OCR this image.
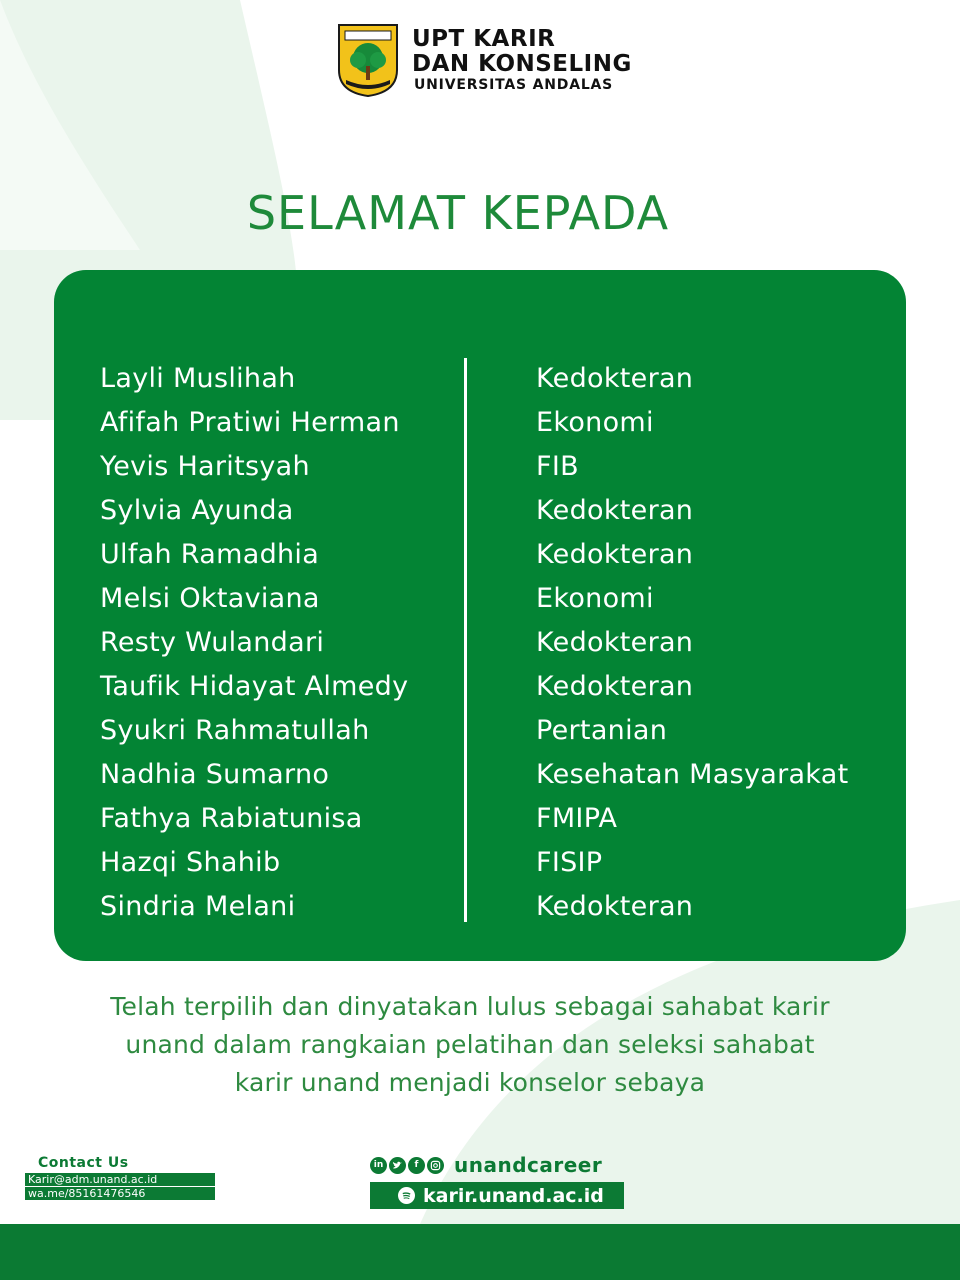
UPT KARIR
DAN KONSELING
UNIVERSITAS ANDALAS
SELAMAT KEPADA
Layli Muslihah
Afifah Pratiwi Herman
Yevis Haritsyah
Sylvia Ayunda
Ulfah Ramadhia
Melsi Oktaviana
Resty Wulandari
Taufik Hidayat Almedy
Syukri Rahmatullah
Nadhia Sumarno
Fathya Rabiatunisa
Hazqi Shahib
Sindria Melani
Kedokteran
Ekonomi
FIB
Kedokteran
Kedokteran
Ekonomi
Kedokteran
Kedokteran
Pertanian
Kesehatan Masyarakat
FMIPA
FISIP
Kedokteran
Telah terpilih dan dinyatakan lulus sebagai sahabat karir
unand dalam rangkaian pelatihan dan seleksi sahabat
karir unand menjadi konselor sebaya
Contact Us
Karir@adm.unand.ac.id
wa.me/85161476546
in	f	unandcareer
karir.unand.ac.id
